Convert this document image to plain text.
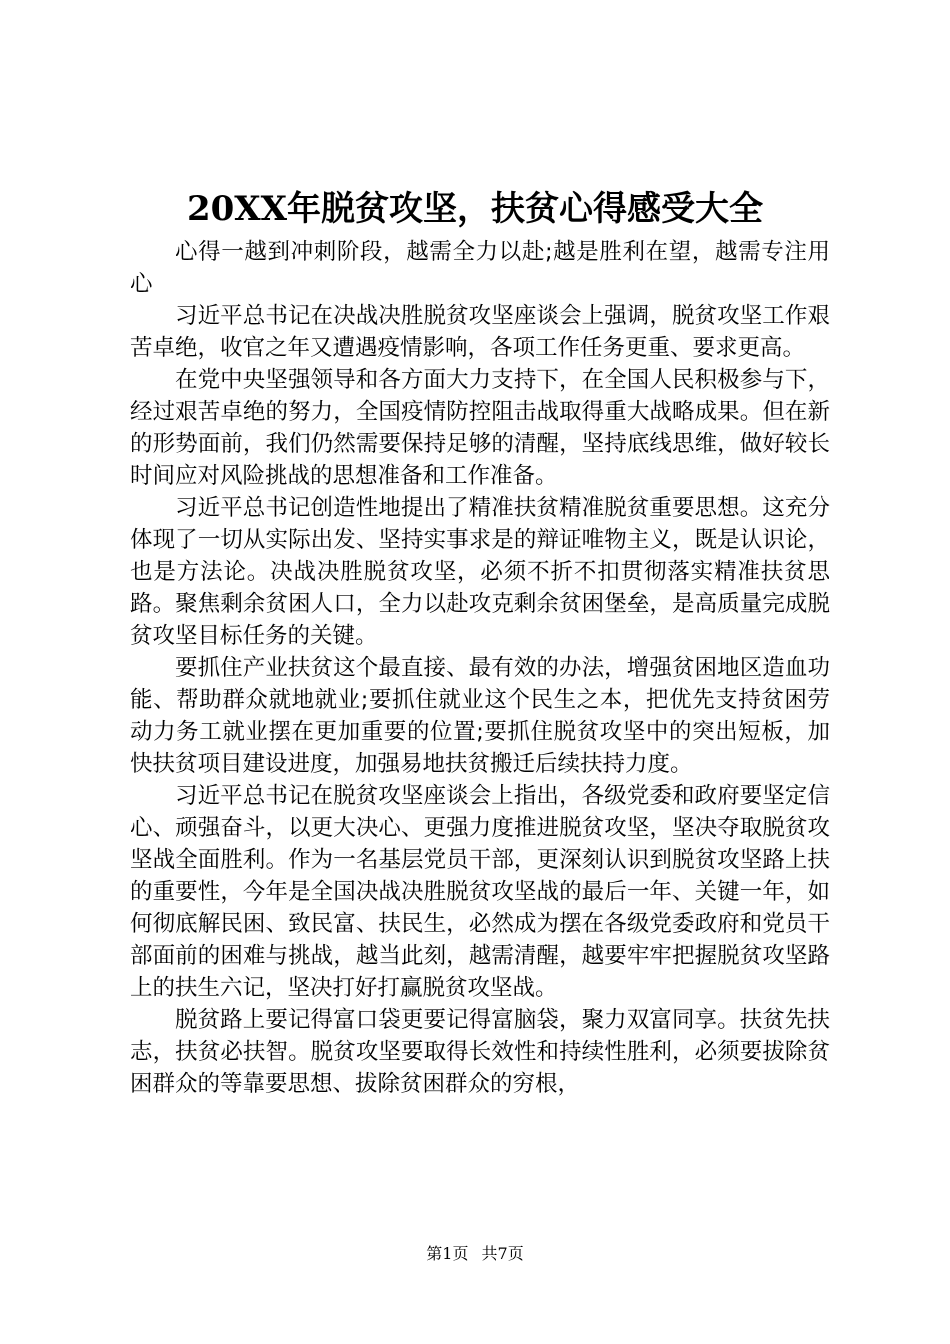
20XX年脱贫攻坚，扶贫心得感受大全

心得一越到冲刺阶段，越需全力以赴;越是胜利在望，越需专注用心

习近平总书记在决战决胜脱贫攻坚座谈会上强调，脱贫攻坚工作艰苦卓绝，收官之年又遭遇疫情影响，各项工作任务更重、要求更高。

在党中央坚强领导和各方面大力支持下，在全国人民积极参与下，经过艰苦卓绝的努力，全国疫情防控阻击战取得重大战略成果。但在新的形势面前，我们仍然需要保持足够的清醒，坚持底线思维，做好较长时间应对风险挑战的思想准备和工作准备。

习近平总书记创造性地提出了精准扶贫精准脱贫重要思想。这充分体现了一切从实际出发、坚持实事求是的辩证唯物主义，既是认识论，也是方法论。决战决胜脱贫攻坚，必须不折不扣贯彻落实精准扶贫思路。聚焦剩余贫困人口，全力以赴攻克剩余贫困堡垒，是高质量完成脱贫攻坚目标任务的关键。

要抓住产业扶贫这个最直接、最有效的办法，增强贫困地区造血功能、帮助群众就地就业;要抓住就业这个民生之本，把优先支持贫困劳动力务工就业摆在更加重要的位置;要抓住脱贫攻坚中的突出短板，加快扶贫项目建设进度，加强易地扶贫搬迁后续扶持力度。

习近平总书记在脱贫攻坚座谈会上指出，各级党委和政府要坚定信心、顽强奋斗，以更大决心、更强力度推进脱贫攻坚，坚决夺取脱贫攻坚战全面胜利。作为一名基层党员干部，更深刻认识到脱贫攻坚路上扶的重要性，今年是全国决战决胜脱贫攻坚战的最后一年、关键一年，如何彻底解民困、致民富、扶民生，必然成为摆在各级党委政府和党员干部面前的困难与挑战，越当此刻，越需清醒，越要牢牢把握脱贫攻坚路上的扶生六记，坚决打好打赢脱贫攻坚战。

脱贫路上要记得富口袋更要记得富脑袋，聚力双富同享。扶贫先扶志，扶贫必扶智。脱贫攻坚要取得长效性和持续性胜利，必须要拔除贫困群众的等靠要思想、拔除贫困群众的穷根，

第1页 共7页
